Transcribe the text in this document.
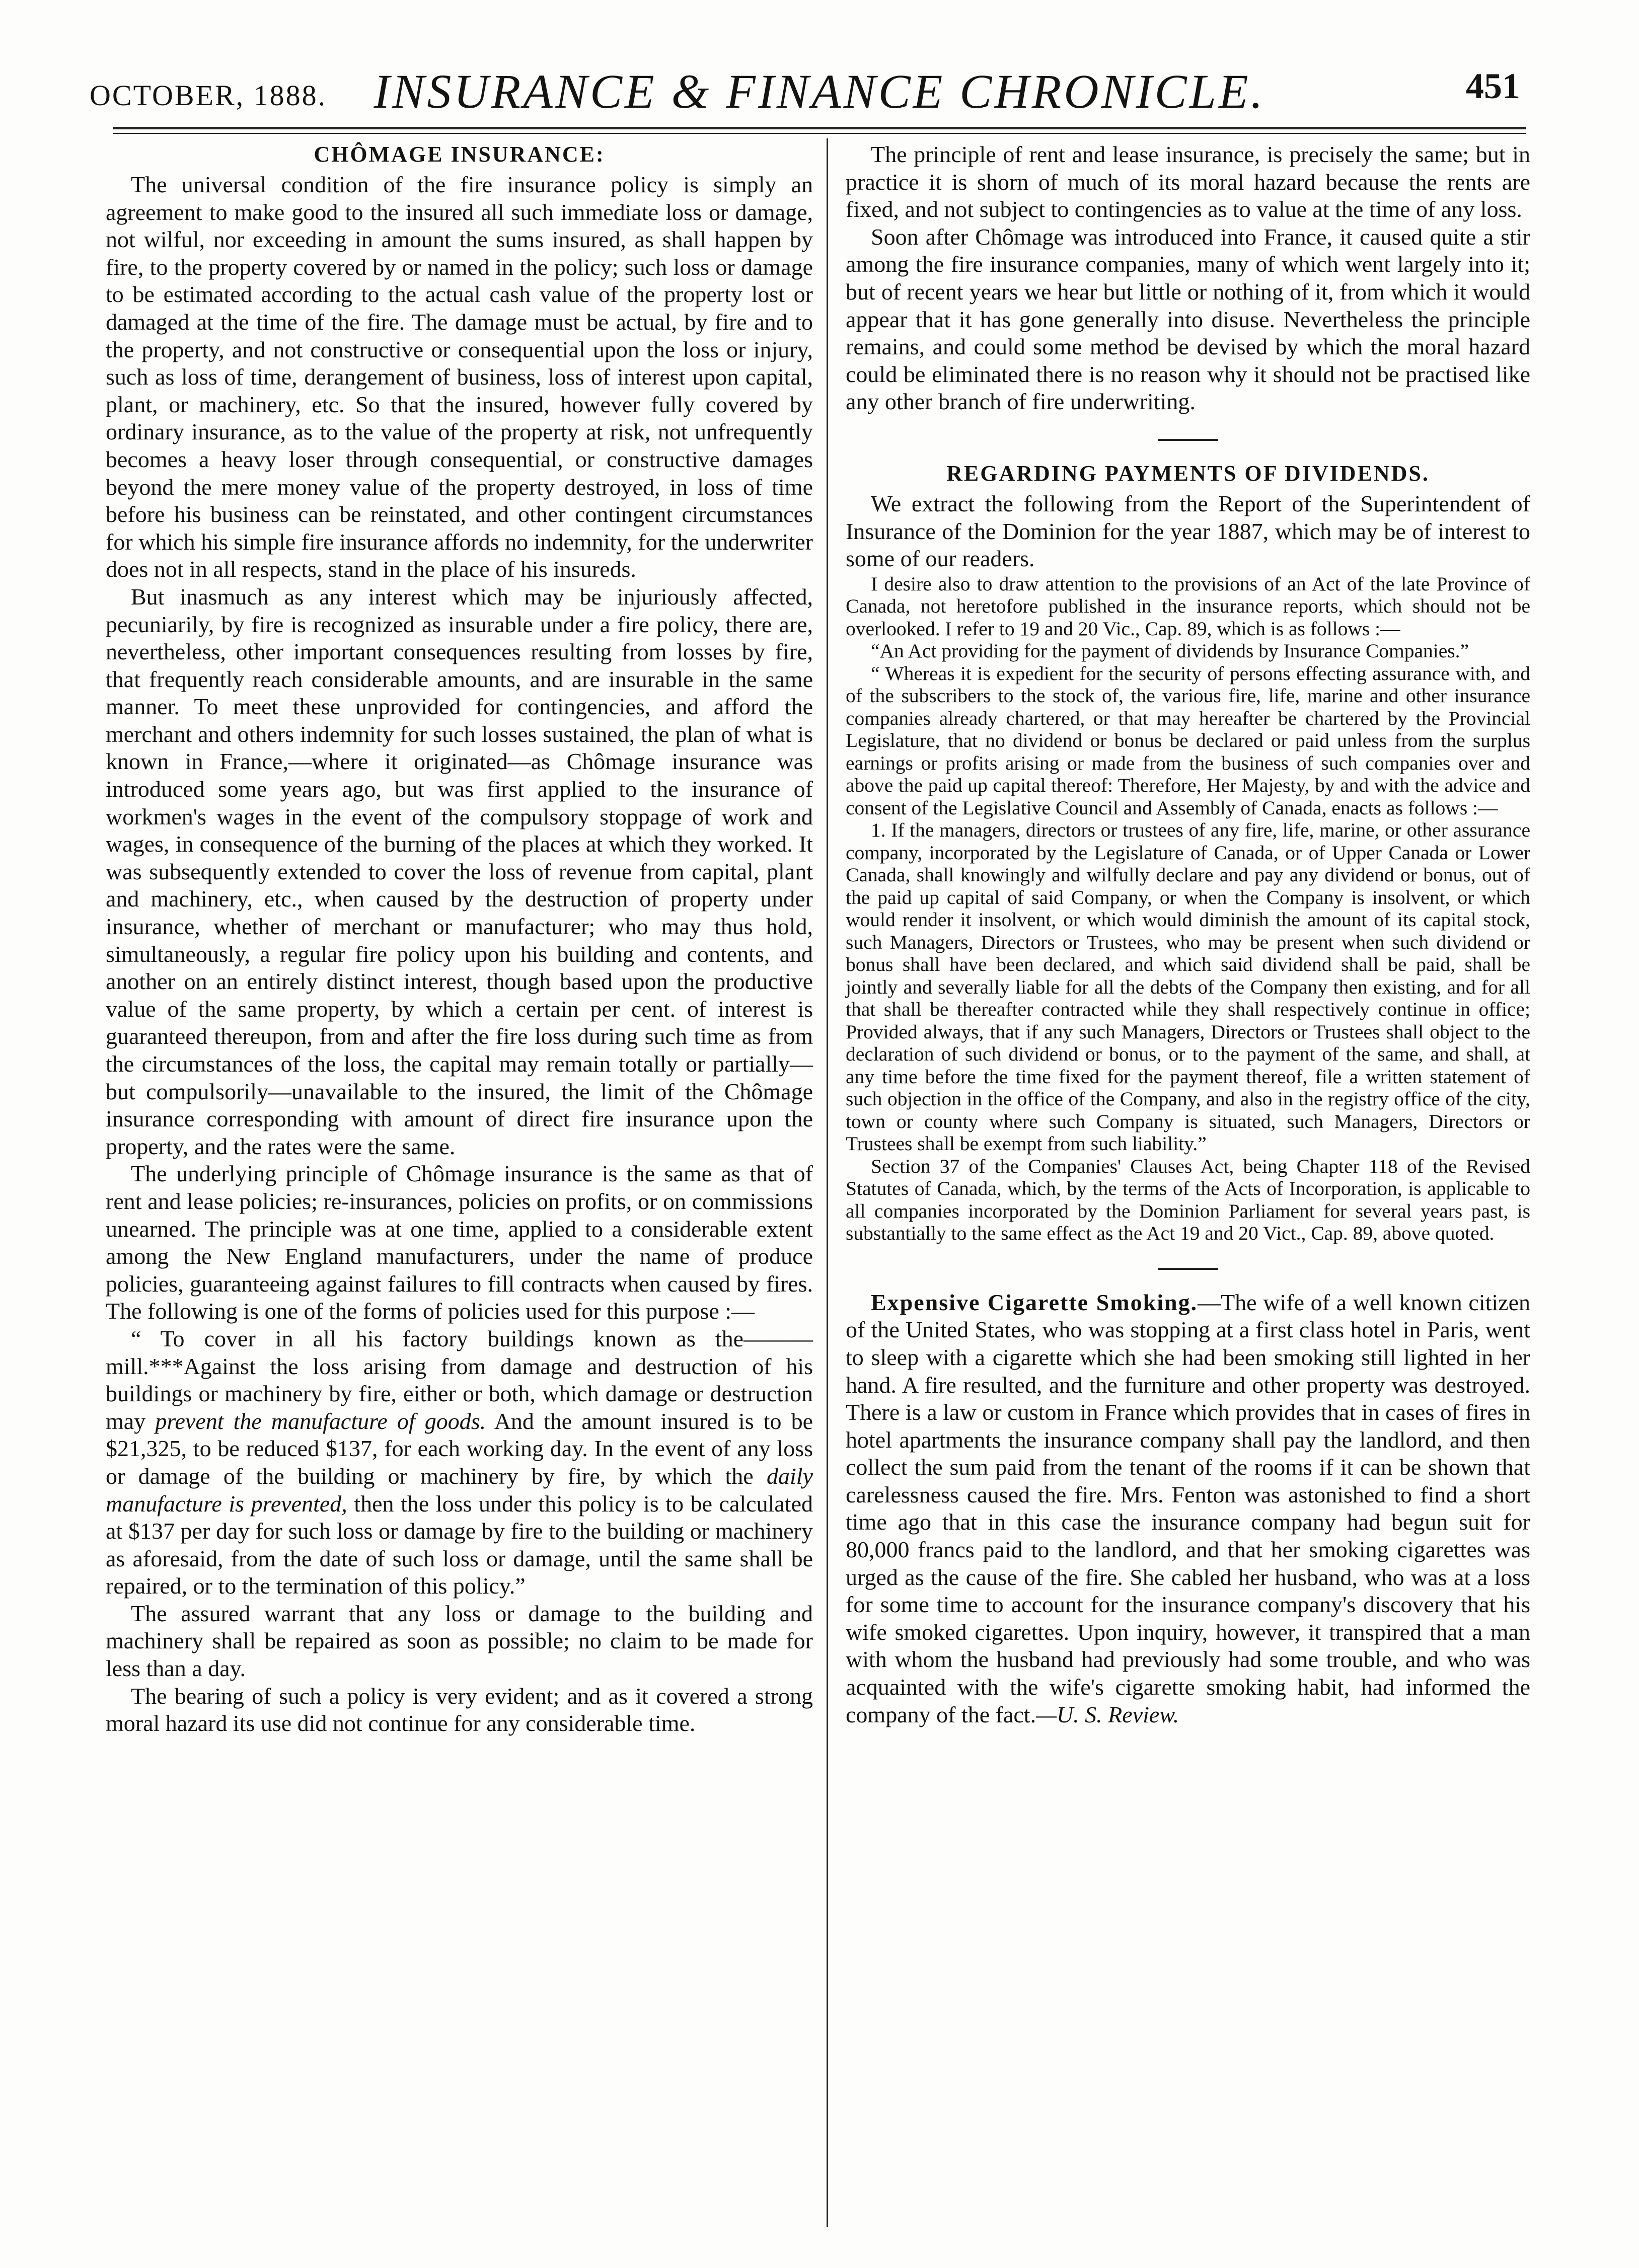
OCTOBER, 1888. INSURANCE & FINANCE CHRONICLE.	451
CHÔMAGE INSURANCE:

The universal condition of the fire insurance policy is simply an agreement to make good to the insured all such immediate loss or damage, not wilful, nor exceeding in amount the sums insured, as shall happen by fire, to the property covered by or named in the policy; such loss or damage to be estimated according to the actual cash value of the property lost or damaged at the time of the fire. The damage must be actual, by fire and to the property, and not constructive or consequential upon the loss or injury, such as loss of time, derangement of business, loss of interest upon capital, plant, or machinery, etc. So that the insured, however fully covered by ordinary insurance, as to the value of the property at risk, not unfrequently becomes a heavy loser through consequential, or constructive damages beyond the mere money value of the property destroyed, in loss of time before his business can be reinstated, and other contingent circumstances for which his simple fire insurance affords no indemnity, for the underwriter does not in all respects, stand in the place of his insureds.

But inasmuch as any interest which may be injuriously affected, pecuniarily, by fire is recognized as insurable under a fire policy, there are, nevertheless, other important consequences resulting from losses by fire, that frequently reach considerable amounts, and are insurable in the same manner. To meet these unprovided for contingencies, and afford the merchant and others indemnity for such losses sustained, the plan of what is known in France,—where it originated—as Chômage insurance was introduced some years ago, but was first applied to the insurance of workmen's wages in the event of the compulsory stoppage of work and wages, in consequence of the burning of the places at which they worked. It was subsequently extended to cover the loss of revenue from capital, plant and machinery, etc., when caused by the destruction of property under insurance, whether of merchant or manufacturer; who may thus hold, simultaneously, a regular fire policy upon his building and contents, and another on an entirely distinct interest, though based upon the productive value of the same property, by which a certain per cent. of interest is guaranteed thereupon, from and after the fire loss during such time as from the circumstances of the loss, the capital may remain totally or partially—but compulsorily—unavailable to the insured, the limit of the Chômage insurance corresponding with amount of direct fire insurance upon the property, and the rates were the same.

The underlying principle of Chômage insurance is the same as that of rent and lease policies; re-insurances, policies on profits, or on commissions unearned. The principle was at one time, applied to a considerable extent among the New England manufacturers, under the name of produce policies, guaranteeing against failures to fill contracts when caused by fires. The following is one of the forms of policies used for this purpose :—

“ To cover in all his factory buildings known as the——— mill.***Against the loss arising from damage and destruction of his buildings or machinery by fire, either or both, which damage or destruction may prevent the manufacture of goods. And the amount insured is to be $21,325, to be reduced $137, for each working day. In the event of any loss or damage of the building or machinery by fire, by which the daily manufacture is prevented, then the loss under this policy is to be calculated at $137 per day for such loss or damage by fire to the building or machinery as aforesaid, from the date of such loss or damage, until the same shall be repaired, or to the termination of this policy.”

The assured warrant that any loss or damage to the building and machinery shall be repaired as soon as possible; no claim to be made for less than a day.

The bearing of such a policy is very evident; and as it covered a strong moral hazard its use did not continue for any considerable time.

The principle of rent and lease insurance, is precisely the same; but in practice it is shorn of much of its moral hazard because the rents are fixed, and not subject to contingencies as to value at the time of any loss.

Soon after Chômage was introduced into France, it caused quite a stir among the fire insurance companies, many of which went largely into it; but of recent years we hear but little or nothing of it, from which it would appear that it has gone generally into disuse. Nevertheless the principle remains, and could some method be devised by which the moral hazard could be eliminated there is no reason why it should not be practised like any other branch of fire underwriting.

REGARDING PAYMENTS OF DIVIDENDS.

We extract the following from the Report of the Superintendent of Insurance of the Dominion for the year 1887, which may be of interest to some of our readers.

I desire also to draw attention to the provisions of an Act of the late Province of Canada, not heretofore published in the insurance reports, which should not be overlooked. I refer to 19 and 20 Vic., Cap. 89, which is as follows :—

“An Act providing for the payment of dividends by Insurance Companies.”

“ Whereas it is expedient for the security of persons effecting assurance with, and of the subscribers to the stock of, the various fire, life, marine and other insurance companies already chartered, or that may hereafter be chartered by the Provincial Legislature, that no dividend or bonus be declared or paid unless from the surplus earnings or profits arising or made from the business of such companies over and above the paid up capital thereof: Therefore, Her Majesty, by and with the advice and consent of the Legislative Council and Assembly of Canada, enacts as follows :—

1. If the managers, directors or trustees of any fire, life, marine, or other assurance company, incorporated by the Legislature of Canada, or of Upper Canada or Lower Canada, shall knowingly and wilfully declare and pay any dividend or bonus, out of the paid up capital of said Company, or when the Company is insolvent, or which would render it insolvent, or which would diminish the amount of its capital stock, such Managers, Directors or Trustees, who may be present when such dividend or bonus shall have been declared, and which said dividend shall be paid, shall be jointly and severally liable for all the debts of the Company then existing, and for all that shall be thereafter contracted while they shall respectively continue in office; Provided always, that if any such Managers, Directors or Trustees shall object to the declaration of such dividend or bonus, or to the payment of the same, and shall, at any time before the time fixed for the payment thereof, file a written statement of such objection in the office of the Company, and also in the registry office of the city, town or county where such Company is situated, such Managers, Directors or Trustees shall be exempt from such liability.”

Section 37 of the Companies' Clauses Act, being Chapter 118 of the Revised Statutes of Canada, which, by the terms of the Acts of Incorporation, is applicable to all companies incorporated by the Dominion Parliament for several years past, is substantially to the same effect as the Act 19 and 20 Vict., Cap. 89, above quoted.

Expensive Cigarette Smoking.—The wife of a well known citizen of the United States, who was stopping at a first class hotel in Paris, went to sleep with a cigarette which she had been smoking still lighted in her hand. A fire resulted, and the furniture and other property was destroyed. There is a law or custom in France which provides that in cases of fires in hotel apartments the insurance company shall pay the landlord, and then collect the sum paid from the tenant of the rooms if it can be shown that carelessness caused the fire. Mrs. Fenton was astonished to find a short time ago that in this case the insurance company had begun suit for 80,000 francs paid to the landlord, and that her smoking cigarettes was urged as the cause of the fire. She cabled her husband, who was at a loss for some time to account for the insurance company's discovery that his wife smoked cigarettes. Upon inquiry, however, it transpired that a man with whom the husband had previously had some trouble, and who was acquainted with the wife's cigarette smoking habit, had informed the company of the fact.—U. S. Review.
